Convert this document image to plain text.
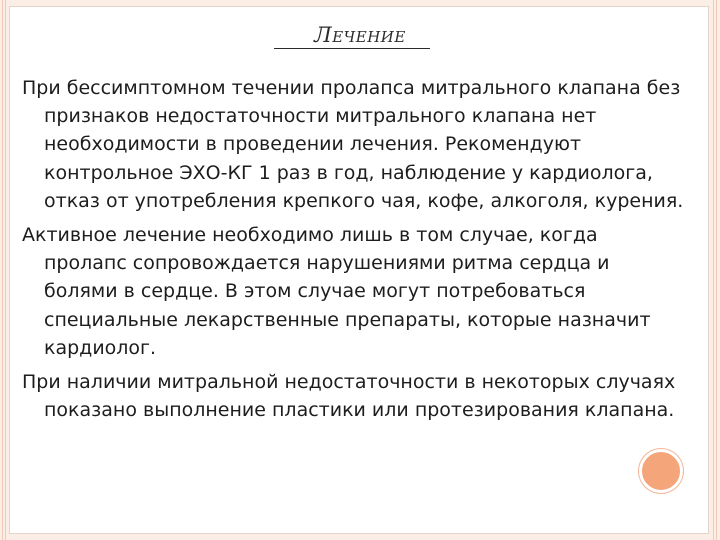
Лечение

При бессимптомном течении пролапса митрального клапана без признаков недостаточности митрального клапана нет необходимости в проведении лечения. Рекомендуют контрольное ЭХО-КГ 1 раз в год, наблюдение у кардиолога, отказ от употребления крепкого чая, кофе, алкоголя, курения.

Активное лечение необходимо лишь в том случае, когда пролапс сопровождается нарушениями ритма сердца и болями в сердце. В этом случае могут потребоваться специальные лекарственные препараты, которые назначит кардиолог.

При наличии митральной недостаточности в некоторых случаях показано выполнение пластики или протезирования клапана.
